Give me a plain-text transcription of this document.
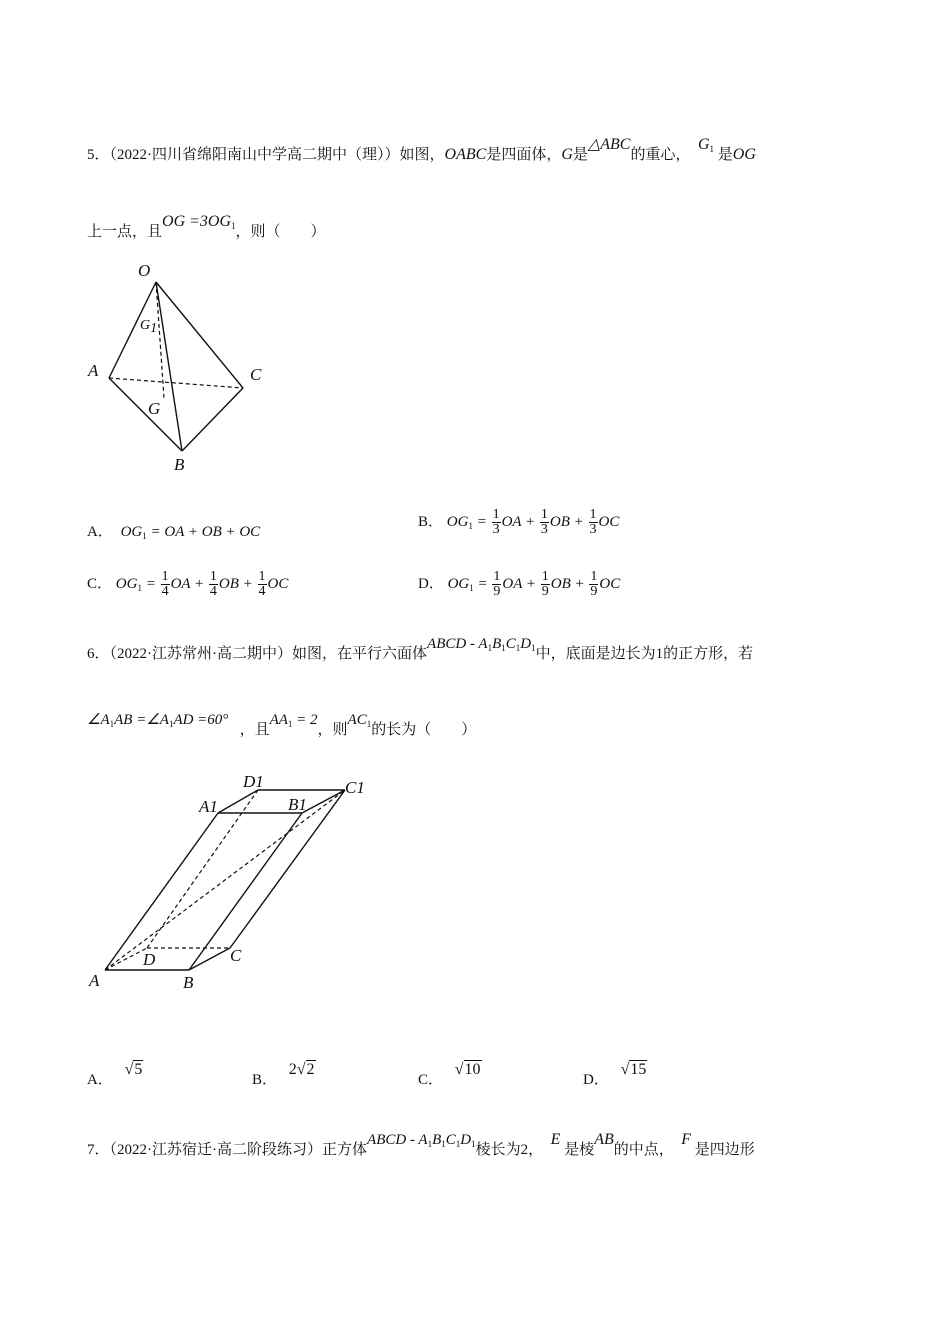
5．（2022·四川省绵阳南山中学高二期中（理））如图，OABC是四面体，G是△ABC的重心，  $G_1$ 是OG
上一点，且OG $=3OG_1$，则（　　）
O
G1
A	C
G
B
A． $OG_1$ = OA + OB + OC
B． $OG_1 = \frac{1}{3}$ OA + $\frac{1}{3}$ OB + $\frac{1}{3}$ OC
C． $OG_1 = \frac{1}{4}$ OA + $\frac{1}{4}$ OB + $\frac{1}{4}$ OC	D． $OG_1 = \frac{1}{9}$ OA + $\frac{1}{9}$ OB + $\frac{1}{9}$ OC
6．（2022·江苏常州·高二期中）如图，在平行六面体ABCD - $A_1B_1C_1D_1$中，底面是边长为1的正方形，若
$\angle A_1AB$ $=\angle A_1AD =60^\circ$   ，且$AA_1 = 2$，则$AC_1$的长为（　　）
D1
A1	B1
C1
D	C
A	B
A． √5
B． 2√2
C． √10
D． √15
7．（2022·江苏宿迁·高二阶段练习）正方体ABCD - $A_1B_1C_1D_1$棱长为2，  E 是棱AB的中点，  F 是四边形
